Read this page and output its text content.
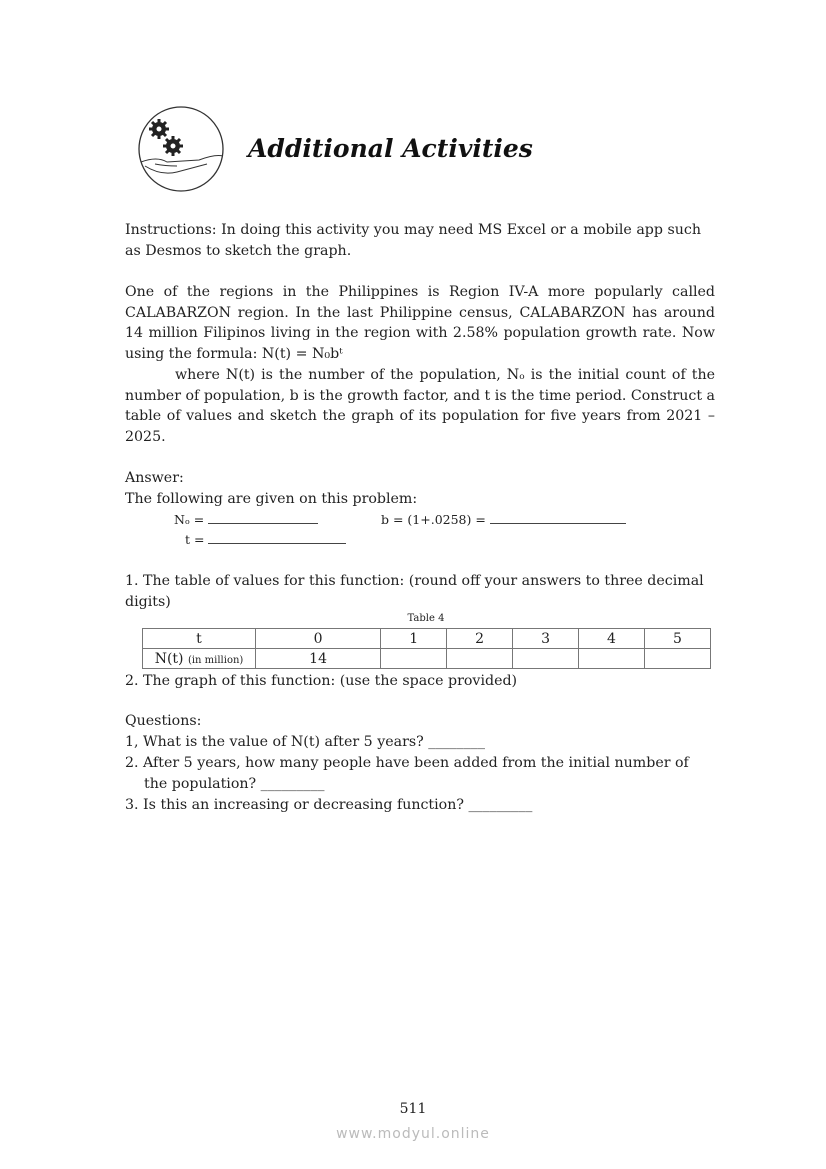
Additional Activities
Instructions: In doing this activity you may need MS Excel or a mobile app such as Desmos to sketch the graph.
One of the regions in the Philippines is Region IV-A more popularly called CALABARZON region. In the last Philippine census, CALABARZON has around 14 million Filipinos living in the region with 2.58% population growth rate. Now using the formula: N(t) = N₀bᵗ
where N(t) is the number of the population, Nₒ is the initial count of the number of population, b is the growth factor, and t is the time period. Construct a table of values and sketch the graph of its population for five years from 2021 – 2025.
Answer:
The following are given on this problem:
Nₒ =	b = (1+.0258) =
t =
1. The table of values for this function: (round off your answers to three decimal digits)
Table 4
t	0	1	2	3	4	5
N(t) (in million)	14					
2. The graph of this function: (use the space provided)
Questions:
1, What is the value of N(t) after 5 years? ________
2. After 5 years, how many people have been added from the initial number of
the population? _________
3. Is this an increasing or decreasing function? _________
511
www.modyul.online
